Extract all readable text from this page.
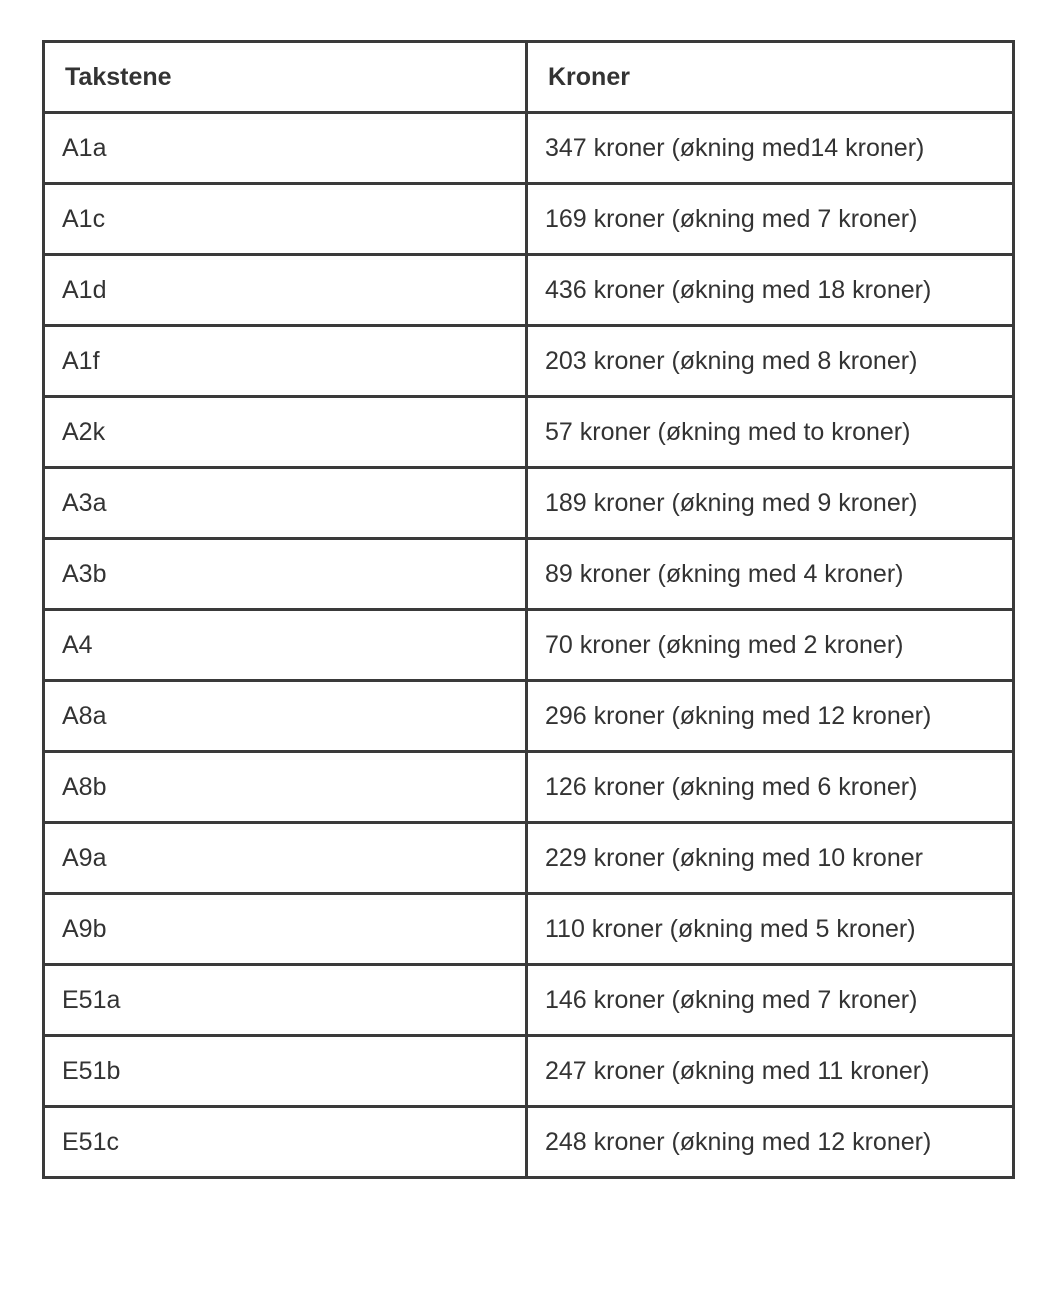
Takstene	Kroner
A1a	347 kroner (økning med14 kroner)
A1c	169 kroner (økning med 7 kroner)
A1d	436 kroner (økning med 18 kroner)
A1f	203 kroner (økning med 8 kroner)
A2k	57 kroner (økning med to kroner)
A3a	189 kroner (økning med 9 kroner)
A3b	89 kroner (økning med 4 kroner)
A4	70 kroner (økning med 2 kroner)
A8a	296 kroner (økning med 12 kroner)
A8b	126 kroner (økning med 6 kroner)
A9a	229 kroner (økning med 10 kroner
A9b	110 kroner (økning med 5 kroner)
E51a	146 kroner (økning med 7 kroner)
E51b	247 kroner (økning med 11 kroner)
E51c	248 kroner (økning med 12 kroner)
